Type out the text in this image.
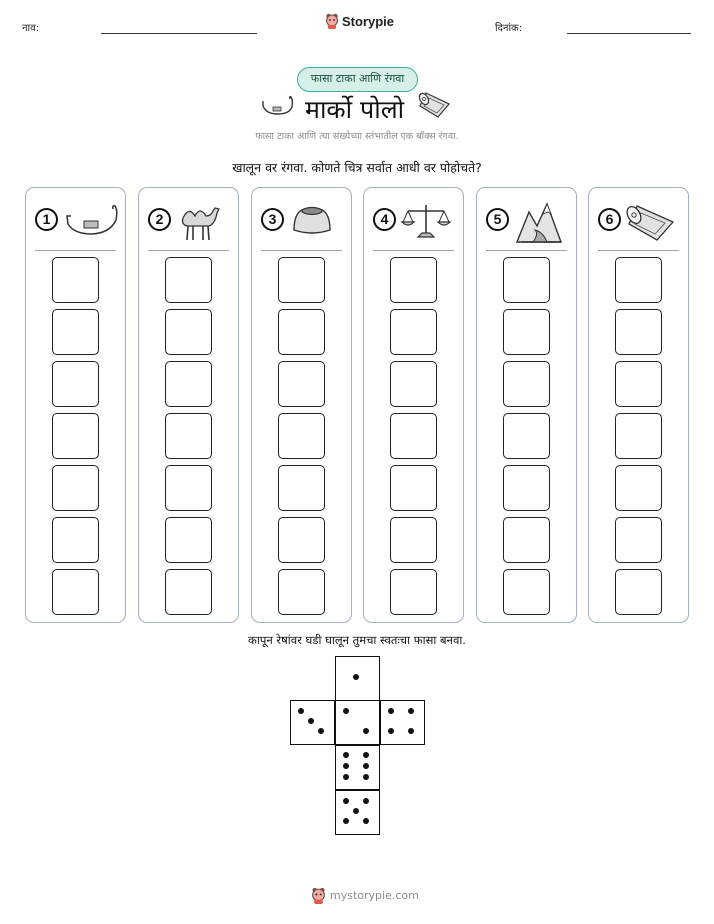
नाव:	Storypie	दिनांक:
फासा टाका आणि रंगवा
मार्को पोलो
फासा टाका आणि त्या संख्येच्या स्तंभातील एक बॉक्स रंगवा.
खालून वर रंगवा. कोणते चित्र सर्वात आधी वर पोहोचते?
1	2	3	4	5	6
कापून रेषांवर घडी घालून तुमचा स्वतःचा फासा बनवा.
mystorypie.com
